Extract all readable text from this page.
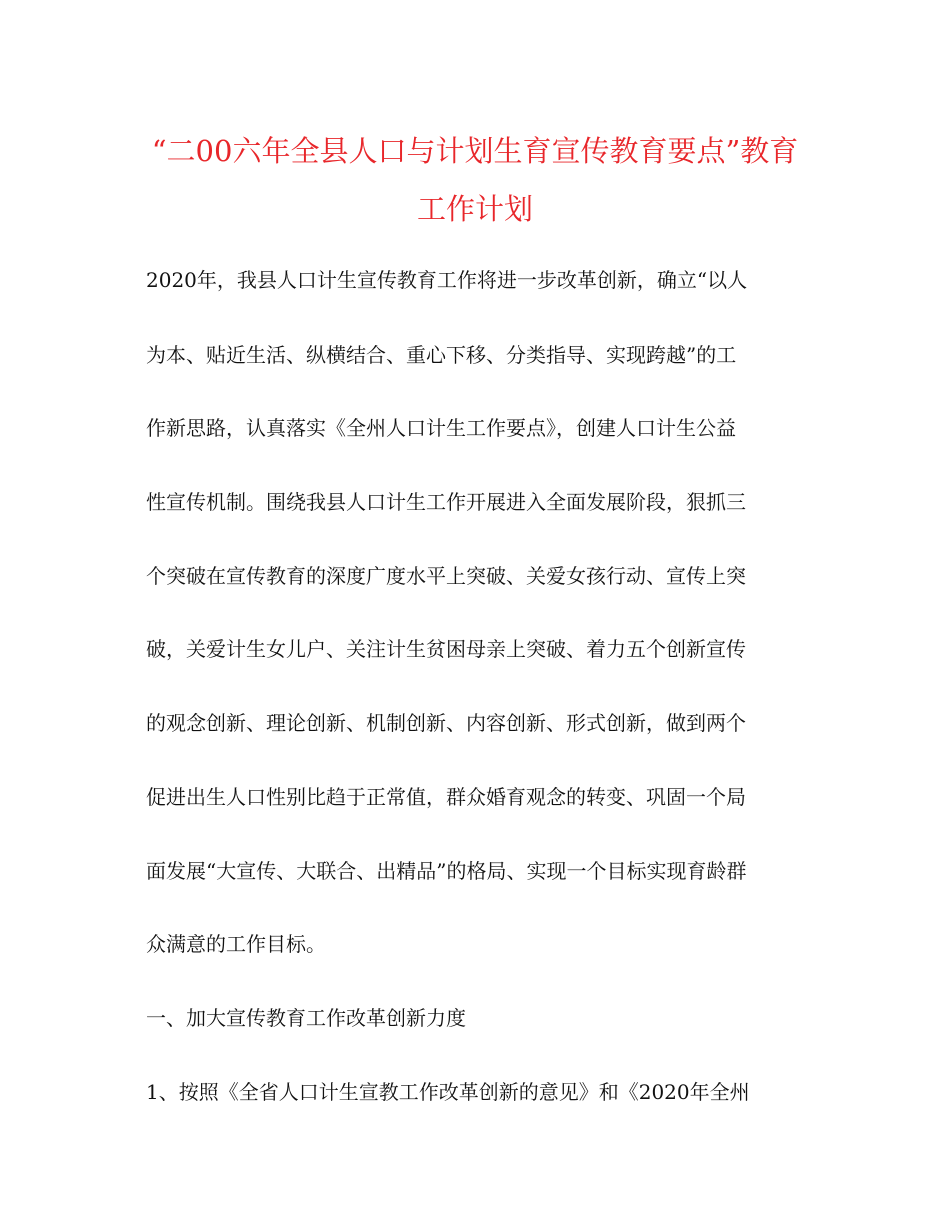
“二00六年全县人口与计划生育宣传教育要点”教育
工作计划
2020年，我县人口计生宣传教育工作将进一步改革创新，确立“以人
为本、贴近生活、纵横结合、重心下移、分类指导、实现跨越”的工
作新思路，认真落实《全州人口计生工作要点》，创建人口计生公益
性宣传机制。围绕我县人口计生工作开展进入全面发展阶段，狠抓三
个突破在宣传教育的深度广度水平上突破、关爱女孩行动、宣传上突
破，关爱计生女儿户、关注计生贫困母亲上突破、着力五个创新宣传
的观念创新、理论创新、机制创新、内容创新、形式创新，做到两个
促进出生人口性别比趋于正常值，群众婚育观念的转变、巩固一个局
面发展“大宣传、大联合、出精品”的格局、实现一个目标实现育龄群
众满意的工作目标。
一、加大宣传教育工作改革创新力度
1、按照《全省人口计生宣教工作改革创新的意见》和《2020年全州
